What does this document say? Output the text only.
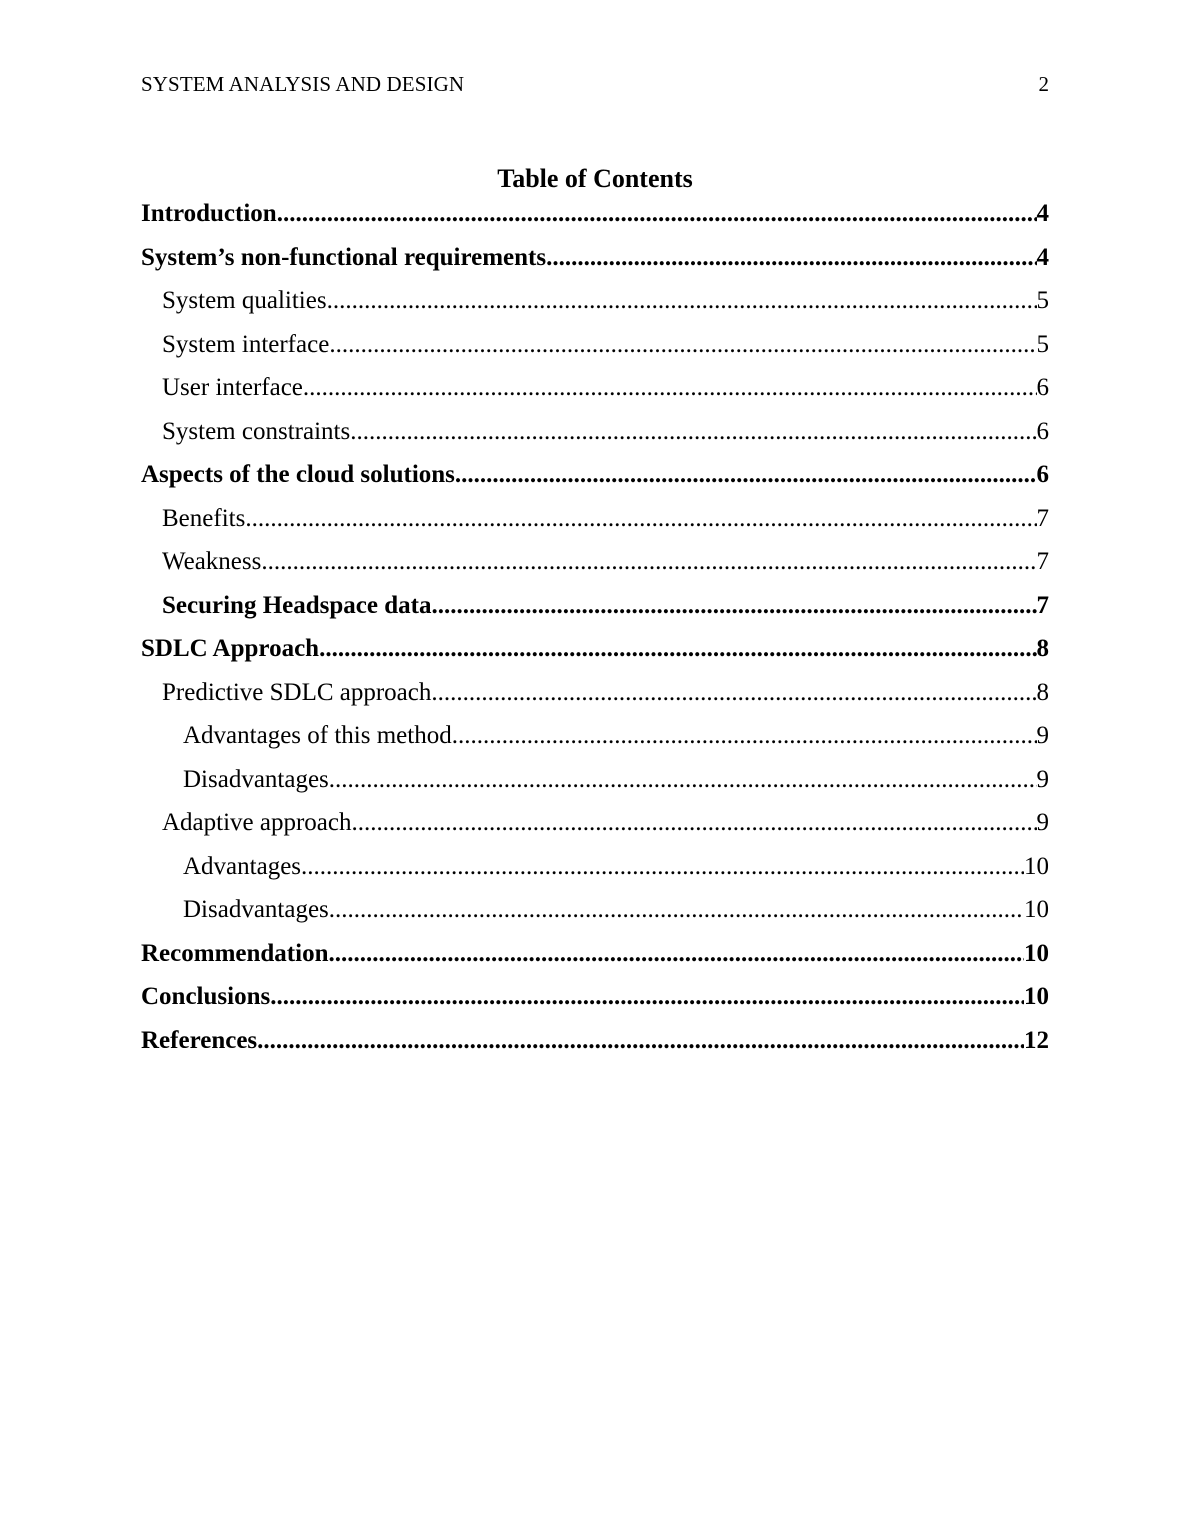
SYSTEM ANALYSIS AND DESIGN	2
Table of Contents
Introduction .....	4
System’s non-functional requirements .....	4
System qualities .....	5
System interface .....	5
User interface .....	6
System constraints .....	6
Aspects of the cloud solutions .....	6
Benefits .....	7
Weakness .....	7
Securing Headspace data .....	7
SDLC Approach .....	8
Predictive SDLC approach .....	8
Advantages of this method .....	9
Disadvantages .....	9
Adaptive approach .....	9
Advantages .....	10
Disadvantages .....	10
Recommendation .....	10
Conclusions .....	10
References .....	12
